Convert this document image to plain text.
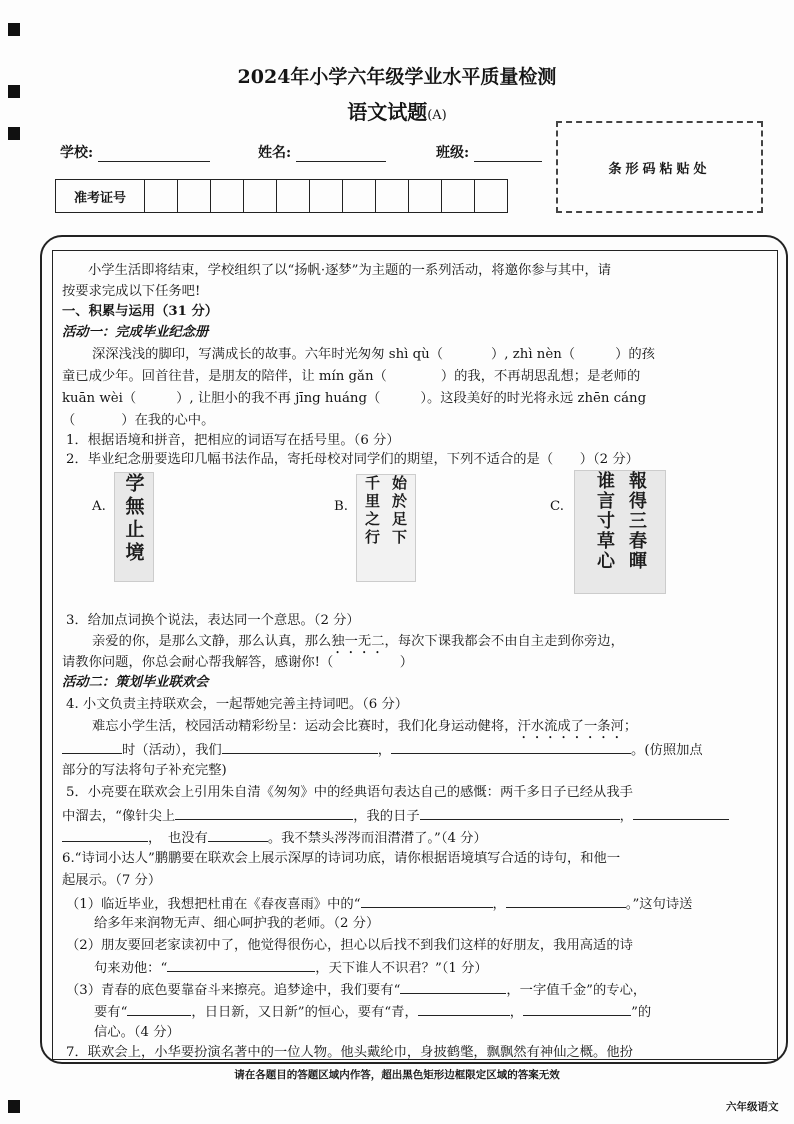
2024年小学六年级学业水平质量检测
语文试题(A)
学校:	姓名:	班级:
条形码粘贴处
准考证号
小学生活即将结束，学校组织了以“扬帆·逐梦”为主题的一系列活动，将邀你参与其中，请
按要求完成以下任务吧!
一、积累与运用（31 分）
活动一：完成毕业纪念册
深深浅浅的脚印，写满成长的故事。六年时光匆匆 shì qù（	）, zhì nèn（	）的孩
童已成少年。回首往昔，是朋友的陪伴，让 mín gǎn（	）的我，不再胡思乱想；是老师的
kuān wèi（	）, 让胆小的我不再 jīng huáng（	）。这段美好的时光将永远 zhēn cáng
（	）在我的心中。
1．根据语境和拼音，把相应的词语写在括号里。（6 分）
2．毕业纪念册要选印几幅书法作品，寄托母校对同学们的期望，下列不适合的是（　　）（2 分）
A. 学無止境	B. 千里之行
始於足下
C. 谁言寸草心 報得三春暉
3．给加点词换个说法，表达同一个意思。（2 分）
亲爱的你，是那么文静，那么认真，那么独一无二，每次下课我都会不由自主走到你旁边，
请教你问题，你总会耐心帮我解答，感谢你!（　　　　　）
活动二：策划毕业联欢会
4. 小文负责主持联欢会，一起帮她完善主持词吧。（6 分）
难忘小学生活，校园活动精彩纷呈：运动会比赛时，我们化身运动健将，汗水流成了一条河；
时（活动），我们	，	。(仿照加点
部分的写法将句子补充完整)
5．小亮要在联欢会上引用朱自清《匆匆》中的经典语句表达自己的感慨：两千多日子已经从我手
中溜去，“像针尖上	，我的日子	，
，　也没有	。我不禁头涔涔而泪潸潸了。”（4 分）
6.“诗词小达人”鹏鹏要在联欢会上展示深厚的诗词功底，请你根据语境填写合适的诗句，和他一
起展示。（7 分）
（1）临近毕业，我想把杜甫在《春夜喜雨》中的“	，	。”这句诗送
给多年来润物无声、细心呵护我的老师。（2 分）
（2）朋友要回老家读初中了，他觉得很伤心，担心以后找不到我们这样的好朋友，我用高适的诗
句来劝他：“	，天下谁人不识君？”（1 分）
（3）青春的底色要靠奋斗来擦亮。追梦途中，我们要有“	，一字值千金”的专心，
要有“	，日日新，又日新”的恒心，要有“青，	，	”的
信心。（4 分）
7．联欢会上，小华要扮演名著中的一位人物。他头戴纶巾，身披鹤氅，飘飘然有神仙之概。他扮
请在各题目的答题区域内作答，超出黑色矩形边框限定区域的答案无效
六年级语文
